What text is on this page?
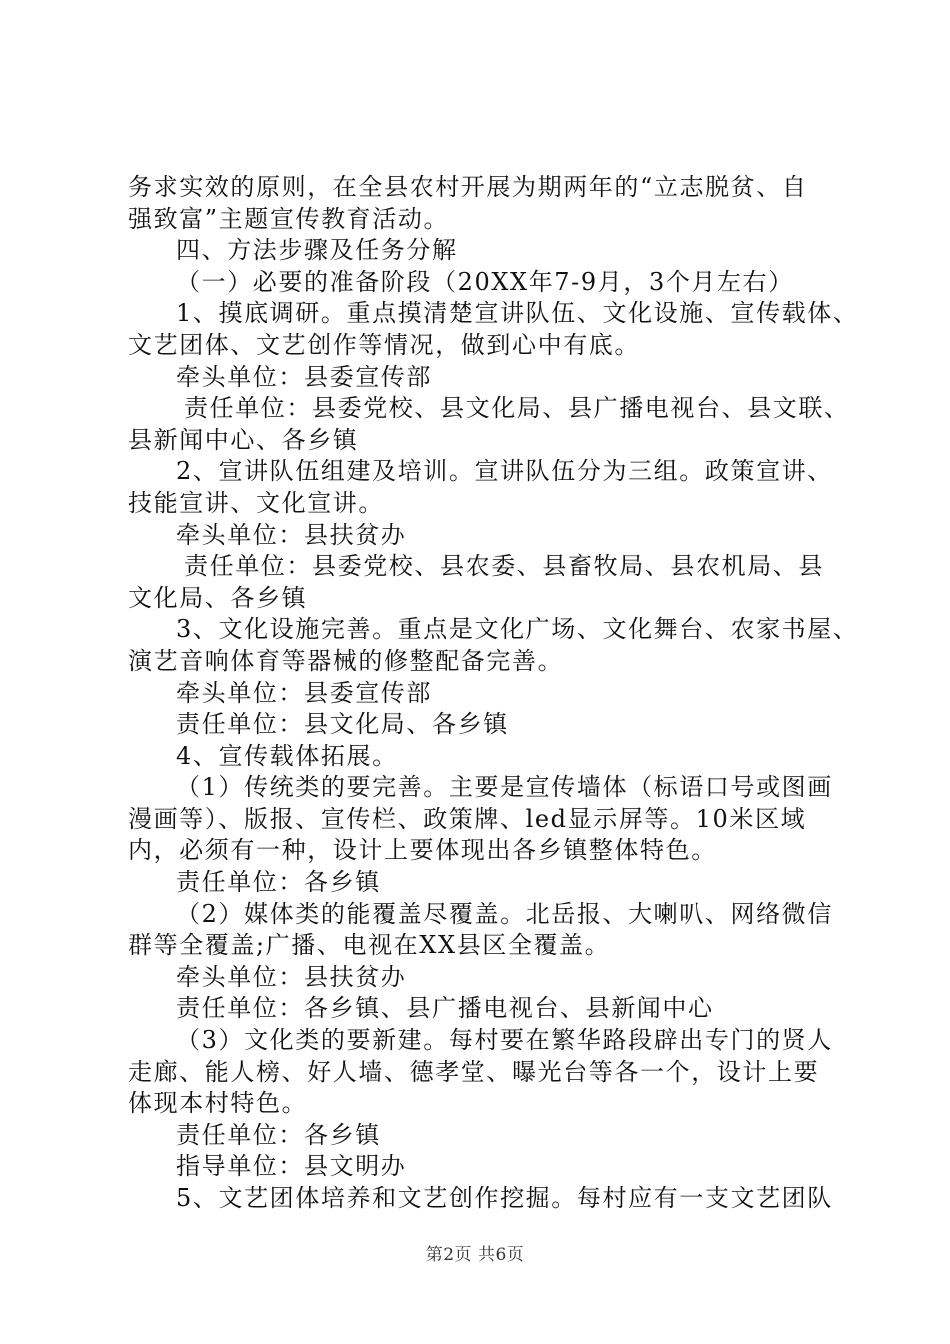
务求实效的原则，在全县农村开展为期两年的“立志脱贫、自
强致富”主题宣传教育活动。
四、方法步骤及任务分解
（一）必要的准备阶段（20XX年7-9月，3个月左右）
1、摸底调研。重点摸清楚宣讲队伍、文化设施、宣传载体、
文艺团体、文艺创作等情况，做到心中有底。
牵头单位：县委宣传部
责任单位：县委党校、县文化局、县广播电视台、县文联、
县新闻中心、各乡镇
2、宣讲队伍组建及培训。宣讲队伍分为三组。政策宣讲、
技能宣讲、文化宣讲。
牵头单位：县扶贫办
责任单位：县委党校、县农委、县畜牧局、县农机局、县
文化局、各乡镇
3、文化设施完善。重点是文化广场、文化舞台、农家书屋、
演艺音响体育等器械的修整配备完善。
牵头单位：县委宣传部
责任单位：县文化局、各乡镇
4、宣传载体拓展。
（1）传统类的要完善。主要是宣传墙体（标语口号或图画
漫画等）、版报、宣传栏、政策牌、led显示屏等。10米区域
内，必须有一种，设计上要体现出各乡镇整体特色。
责任单位：各乡镇
（2）媒体类的能覆盖尽覆盖。北岳报、大喇叭、网络微信
群等全覆盖;广播、电视在XX县区全覆盖。
牵头单位：县扶贫办
责任单位：各乡镇、县广播电视台、县新闻中心
（3）文化类的要新建。每村要在繁华路段辟出专门的贤人
走廊、能人榜、好人墙、德孝堂、曝光台等各一个，设计上要
体现本村特色。
责任单位：各乡镇
指导单位：县文明办
5、文艺团体培养和文艺创作挖掘。每村应有一支文艺团队
第2页 共6页
